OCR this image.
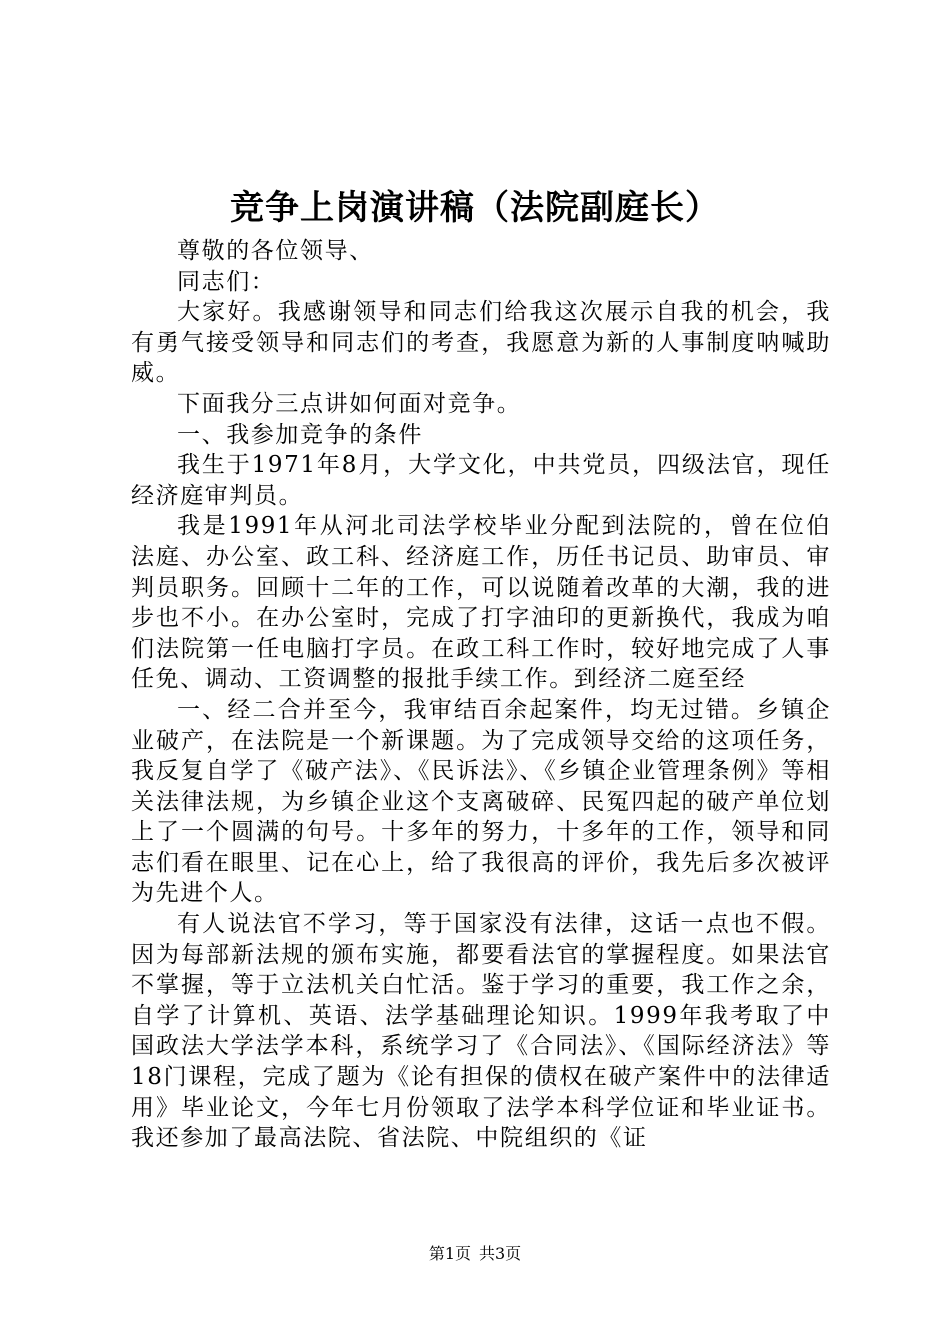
竞争上岗演讲稿（法院副庭长）

尊敬的各位领导、

同志们：

大家好。我感谢领导和同志们给我这次展示自我的机会，我有勇气接受领导和同志们的考查，我愿意为新的人事制度呐喊助威。

下面我分三点讲如何面对竞争。

一、我参加竞争的条件

我生于1971年8月，大学文化，中共党员，四级法官，现任经济庭审判员。

我是1991年从河北司法学校毕业分配到法院的，曾在位伯法庭、办公室、政工科、经济庭工作，历任书记员、助审员、审判员职务。回顾十二年的工作，可以说随着改革的大潮，我的进步也不小。在办公室时，完成了打字油印的更新换代，我成为咱们法院第一任电脑打字员。在政工科工作时，较好地完成了人事任免、调动、工资调整的报批手续工作。到经济二庭至经

一、经二合并至今，我审结百余起案件，均无过错。乡镇企业破产，在法院是一个新课题。为了完成领导交给的这项任务，我反复自学了《破产法》、《民诉法》、《乡镇企业管理条例》等相关法律法规，为乡镇企业这个支离破碎、民冤四起的破产单位划上了一个圆满的句号。十多年的努力，十多年的工作，领导和同志们看在眼里、记在心上，给了我很高的评价，我先后多次被评为先进个人。

有人说法官不学习，等于国家没有法律，这话一点也不假。因为每部新法规的颁布实施，都要看法官的掌握程度。如果法官不掌握，等于立法机关白忙活。鉴于学习的重要，我工作之余，自学了计算机、英语、法学基础理论知识。1999年我考取了中国政法大学法学本科，系统学习了《合同法》、《国际经济法》等18门课程，完成了题为《论有担保的债权在破产案件中的法律适用》毕业论文，今年七月份领取了法学本科学位证和毕业证书。我还参加了最高法院、省法院、中院组织的《证

第1页 共3页
